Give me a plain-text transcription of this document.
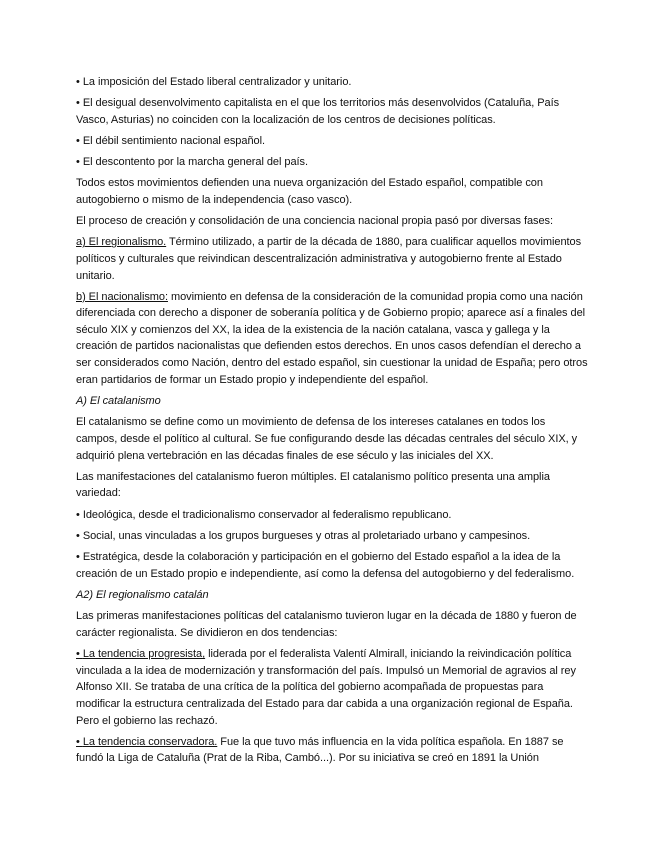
• La imposición del Estado liberal centralizador y unitario.

• El desigual desenvolvimento capitalista en el que los territorios más desenvolvidos (Cataluña, País Vasco, Asturias) no coinciden con la localización de los centros de decisiones políticas.

• El débil sentimiento nacional español.

• El descontento por la marcha general del país.

Todos estos movimientos defienden una nueva organización del Estado español, compatible con autogobierno o mismo de la independencia (caso vasco).

El proceso de creación y consolidación de una conciencia nacional propia pasó por diversas fases:

a) El regionalismo. Término utilizado, a partir de la década de 1880, para cualificar aquellos movimientos políticos y culturales que reivindican descentralización administrativa y autogobierno frente al Estado unitario.

b) El nacionalismo: movimiento en defensa de la consideración de la comunidad propia como una nación diferenciada con derecho a disponer de soberanía política y de Gobierno propio; aparece así a finales del século XIX y comienzos del XX, la idea de la existencia de la nación catalana, vasca y gallega y la creación de partidos nacionalistas que defienden estos derechos. En unos casos defendían el derecho a ser considerados como Nación, dentro del estado español, sin cuestionar la unidad de España; pero otros eran partidarios de formar un Estado propio y independiente del español.

A) El catalanismo

El catalanismo se define como un movimiento de defensa de los intereses catalanes en todos los campos, desde el político al cultural. Se fue configurando desde las décadas centrales del século XIX, y adquirió plena vertebración en las décadas finales de ese século y las iniciales del XX.

Las manifestaciones del catalanismo fueron múltiples. El catalanismo político presenta una amplia variedad:

• Ideológica, desde el tradicionalismo conservador al federalismo republicano.

• Social, unas vinculadas a los grupos burgueses y otras al proletariado urbano y campesinos.

• Estratégica, desde la colaboración y participación en el gobierno del Estado español a la idea de la creación de un Estado propio e independiente, así como la defensa del autogobierno y del federalismo.

A2) El regionalismo catalán

Las primeras manifestaciones políticas del catalanismo tuvieron lugar en la década de 1880 y fueron de carácter regionalista. Se dividieron en dos tendencias:

• La tendencia progresista, liderada por el federalista Valentí Almirall, iniciando la reivindicación política vinculada a la idea de modernización y transformación del país. Impulsó un Memorial de agravios al rey Alfonso XII. Se trataba de una crítica de la política del gobierno acompañada de propuestas para modificar la estructura centralizada del Estado para dar cabida a una organización regional de España. Pero el gobierno las rechazó.

• La tendencia conservadora. Fue la que tuvo más influencia en la vida política española. En 1887 se fundó la Liga de Cataluña (Prat de la Riba, Cambó...). Por su iniciativa se creó en 1891 la Unión
